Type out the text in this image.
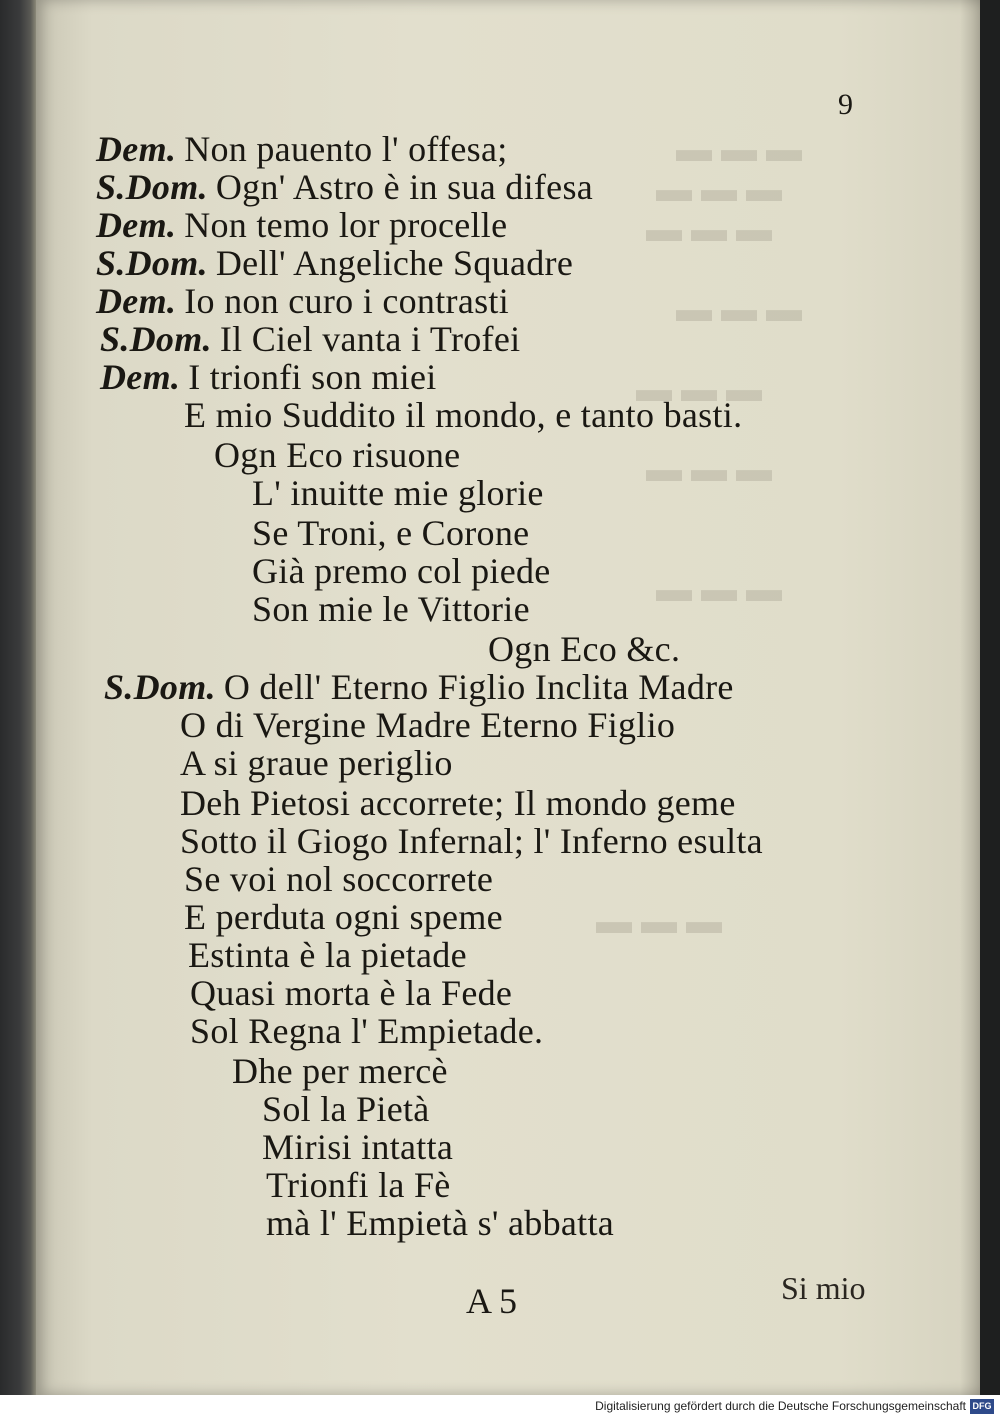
▬ ▬ ▬
▬ ▬ ▬
▬ ▬ ▬
▬ ▬ ▬
▬ ▬ ▬
▬ ▬ ▬
▬ ▬ ▬
▬ ▬ ▬
9
Dem. Non pauento l' offesa;
S.Dom. Ogn' Astro è in sua difesa
Dem. Non temo lor procelle
S.Dom. Dell' Angeliche Squadre
Dem. Io non curo i contrasti
S.Dom. Il Ciel vanta i Trofei
Dem. I trionfi son miei
E mio Suddito il mondo, e tanto basti.
Ogn Eco risuone
L' inuitte mie glorie
Se Troni, e Corone
Già premo col piede
Son mie le Vittorie
Ogn Eco &c.
S.Dom. O dell' Eterno Figlio Inclita Madre
O di Vergine Madre Eterno Figlio
A si graue periglio
Deh Pietosi accorrete; Il mondo geme
Sotto il Giogo Infernal; l' Inferno esulta
Se voi nol soccorrete
E perduta ogni speme
Estinta è la pietade
Quasi morta è la Fede
Sol Regna l' Empietade.
Dhe per mercè
Sol la Pietà
Mirisi intatta
Trionfi la Fè
mà l' Empietà s' abbatta
A 5	Si mio
Digitalisierung gefördert durch die Deutsche Forschungsgemeinschaft DFG
